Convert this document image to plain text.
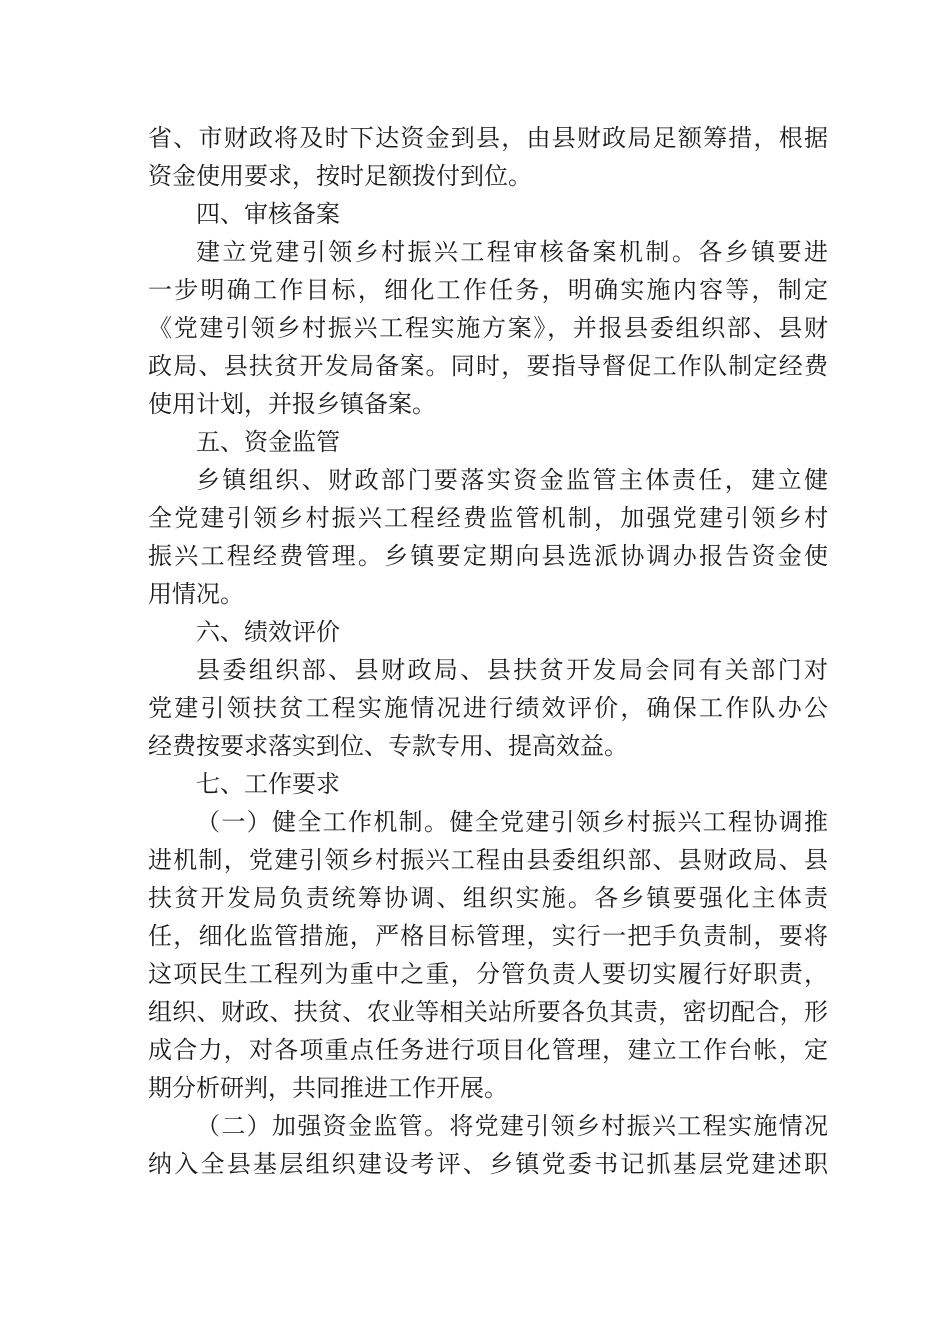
省、市财政将及时下达资金到县，由县财政局足额筹措，根据
资金使用要求，按时足额拨付到位。
四、审核备案
建立党建引领乡村振兴工程审核备案机制。各乡镇要进
一步明确工作目标，细化工作任务，明确实施内容等，制定
《党建引领乡村振兴工程实施方案》，并报县委组织部、县财
政局、县扶贫开发局备案。同时，要指导督促工作队制定经费
使用计划，并报乡镇备案。
五、资金监管
乡镇组织、财政部门要落实资金监管主体责任，建立健
全党建引领乡村振兴工程经费监管机制，加强党建引领乡村
振兴工程经费管理。乡镇要定期向县选派协调办报告资金使
用情况。
六、绩效评价
县委组织部、县财政局、县扶贫开发局会同有关部门对
党建引领扶贫工程实施情况进行绩效评价，确保工作队办公
经费按要求落实到位、专款专用、提高效益。
七、工作要求
（一）健全工作机制。健全党建引领乡村振兴工程协调推
进机制，党建引领乡村振兴工程由县委组织部、县财政局、县
扶贫开发局负责统筹协调、组织实施。各乡镇要强化主体责
任，细化监管措施，严格目标管理，实行一把手负责制，要将
这项民生工程列为重中之重，分管负责人要切实履行好职责，
组织、财政、扶贫、农业等相关站所要各负其责，密切配合，形
成合力，对各项重点任务进行项目化管理，建立工作台帐，定
期分析研判，共同推进工作开展。
（二）加强资金监管。将党建引领乡村振兴工程实施情况
纳入全县基层组织建设考评、乡镇党委书记抓基层党建述职
